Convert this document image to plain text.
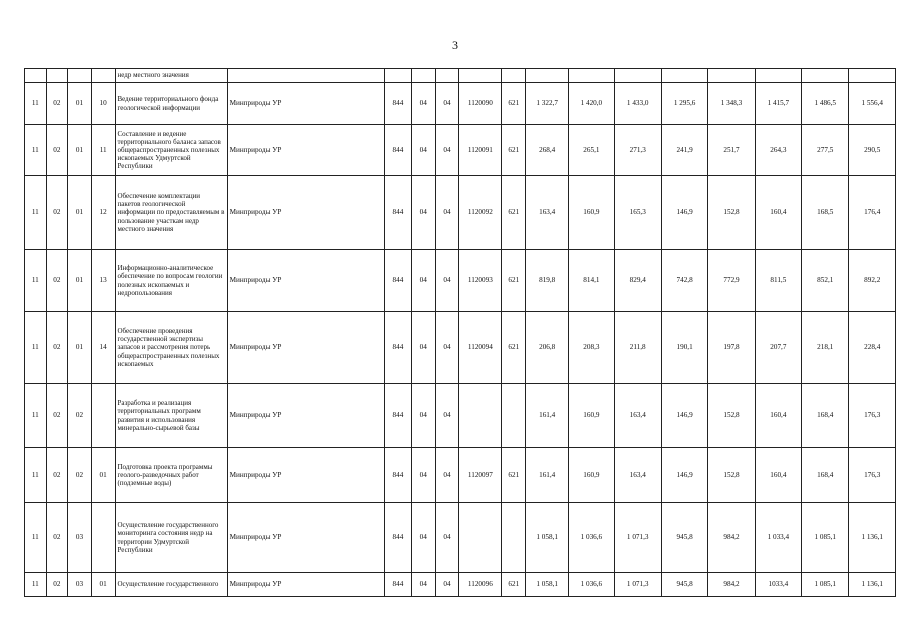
3
				недр местного значения														
11	02	01	10	Ведение территориального фонда геологической информации	Минприроды УР	844	04	04	1120090	621	1 322,7	1 420,0	1 433,0	1 295,6	1 348,3	1 415,7	1 486,5	1 556,4
11	02	01	11	Составление и ведение территориального баланса запасов общераспространенных полезных ископаемых Удмуртской Республики	Минприроды УР	844	04	04	1120091	621	268,4	265,1	271,3	241,9	251,7	264,3	277,5	290,5
11	02	01	12	Обеспечение комплектации пакетов геологической информации по предоставляемым в пользование участкам недр местного значения	Минприроды УР	844	04	04	1120092	621	163,4	160,9	165,3	146,9	152,8	160,4	168,5	176,4
11	02	01	13	Информационно-аналитическое обеспечение по вопросам геологии полезных ископаемых и недропользования	Минприроды УР	844	04	04	1120093	621	819,8	814,1	829,4	742,8	772,9	811,5	852,1	892,2
11	02	01	14	Обеспечение проведения государственной экспертизы запасов и рассмотрения потерь общераспространенных полезных ископаемых	Минприроды УР	844	04	04	1120094	621	206,8	208,3	211,8	190,1	197,8	207,7	218,1	228,4
11	02	02		Разработка и реализация территориальных программ развития и использования минерально-сырьевой базы	Минприроды УР	844	04	04			161,4	160,9	163,4	146,9	152,8	160,4	168,4	176,3
11	02	02	01	Подготовка проекта программы геолого-разведочных работ (подземные воды)	Минприроды УР	844	04	04	1120097	621	161,4	160,9	163,4	146,9	152,8	160,4	168,4	176,3
11	02	03		Осуществление государственного мониторинга состояния недр на территории Удмуртской Республики	Минприроды УР	844	04	04			1 058,1	1 036,6	1 071,3	945,8	984,2	1 033,4	1 085,1	1 136,1
11	02	03	01	Осуществление государственного	Минприроды УР	844	04	04	1120096	621	1 058,1	1 036,6	1 071,3	945,8	984,2	1033,4	1 085,1	1 136,1
